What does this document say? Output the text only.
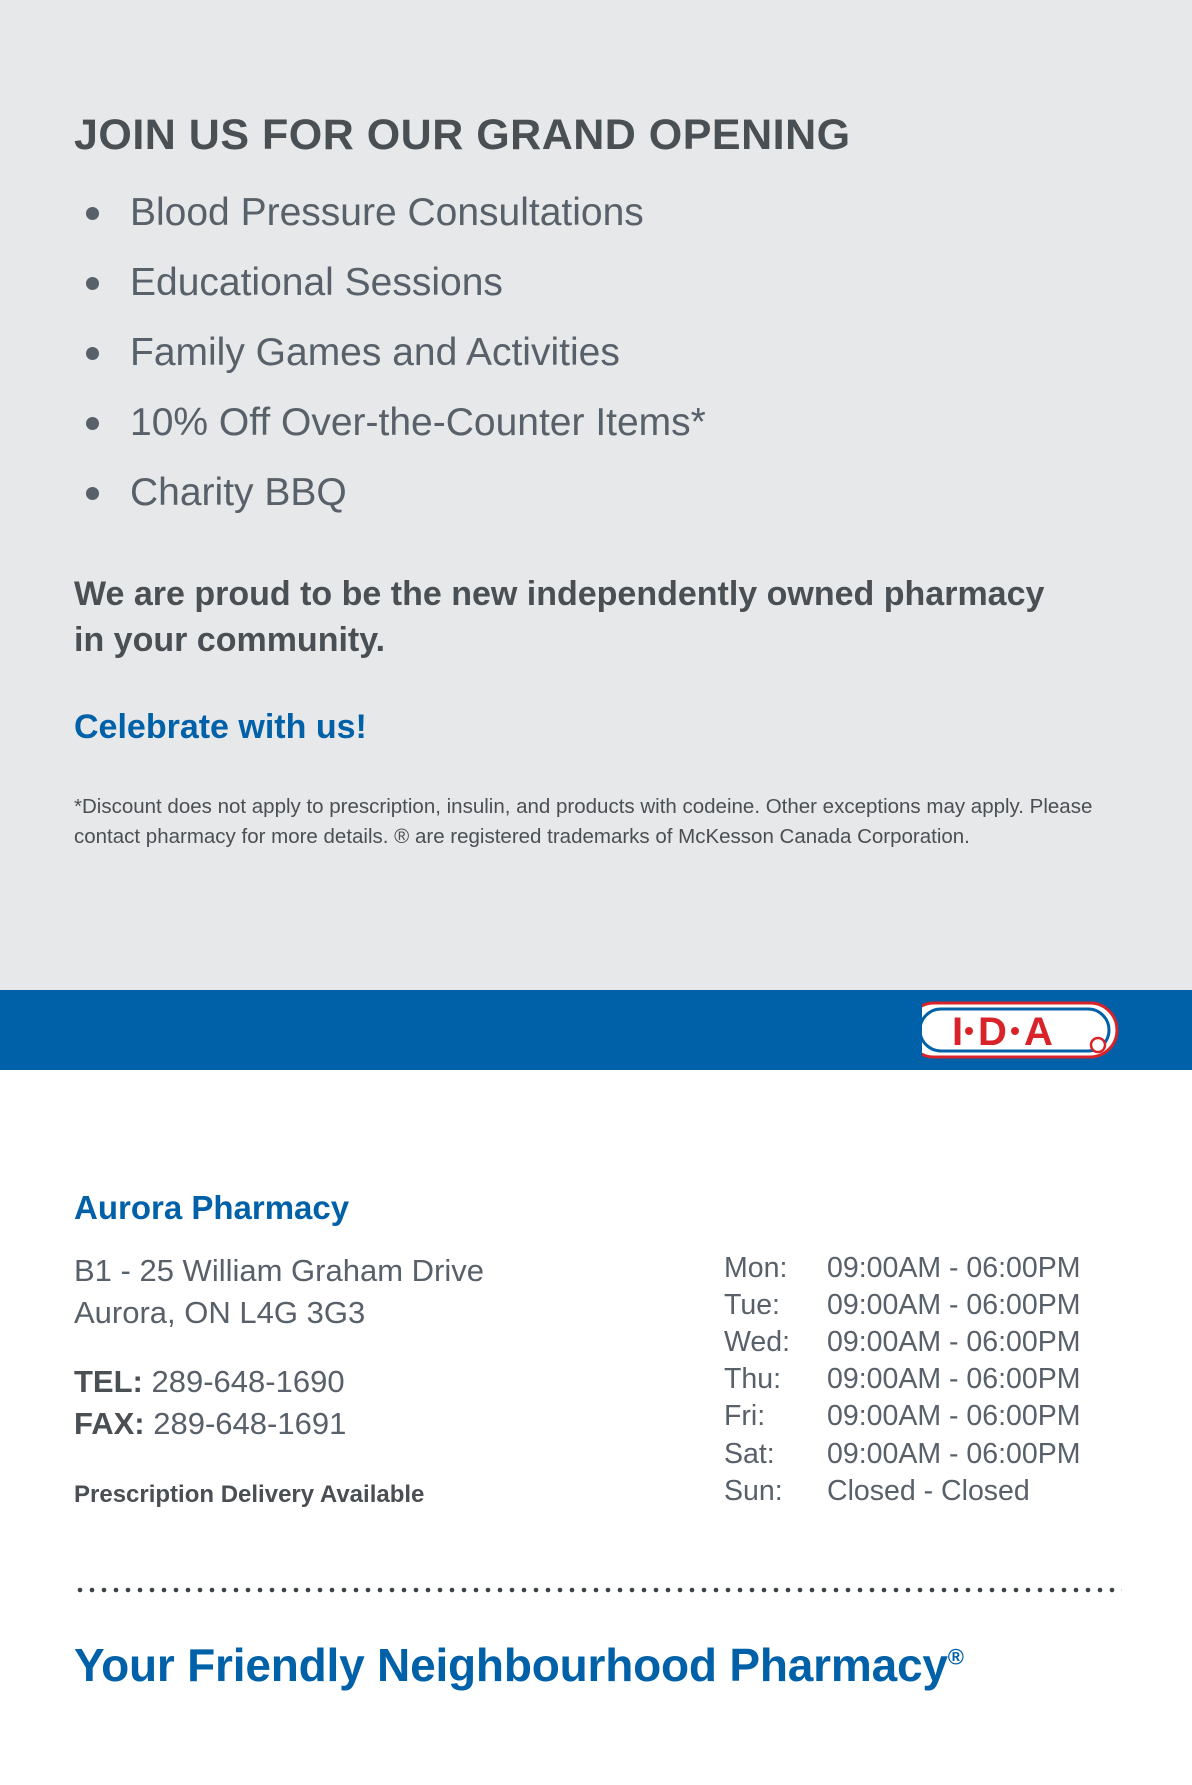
JOIN US FOR OUR GRAND OPENING
Blood Pressure Consultations
Educational Sessions
Family Games and Activities
10% Off Over-the-Counter Items*
Charity BBQ

We are proud to be the new independently owned pharmacy in your community.

Celebrate with us!

*Discount does not apply to prescription, insulin, and products with codeine. Other exceptions may apply. Please contact pharmacy for more details. ® are registered trademarks of McKesson Canada Corporation.

I D A
Aurora Pharmacy
B1 - 25 William Graham Drive
Aurora, ON L4G 3G3
TEL: 289-648-1690
FAX: 289-648-1691
Prescription Delivery Available
Mon:	09:00AM - 06:00PM
Tue:	09:00AM - 06:00PM
Wed:	09:00AM - 06:00PM
Thu:	09:00AM - 06:00PM
Fri:	09:00AM - 06:00PM
Sat:	09:00AM - 06:00PM
Sun:	Closed - Closed

Your Friendly Neighbourhood Pharmacy®
